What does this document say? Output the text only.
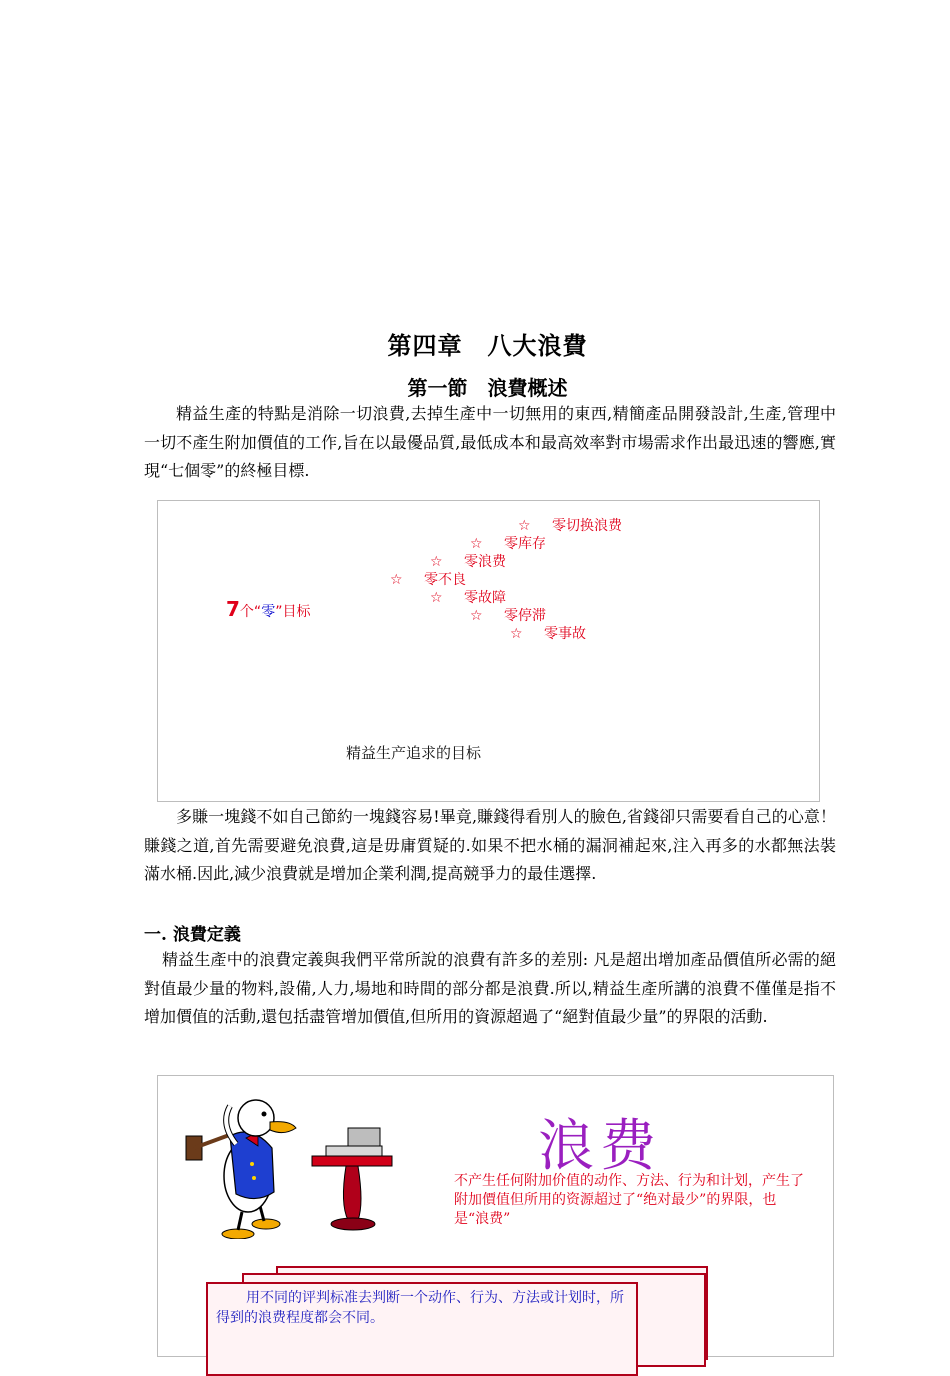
第四章　八大浪費
第一節　浪費概述
精益生產的特點是消除一切浪費,去掉生產中一切無用的東西,精簡產品開發設計,生產,管理中一切不產生附加價值的工作,旨在以最優品質,最低成本和最高效率對市場需求作出最迅速的響應,實現“七個零”的終極目標.
7个“零”目标
☆ 零切换浪费
☆ 零库存
☆ 零浪费
☆ 零不良
☆ 零故障
☆ 零停滞
☆ 零事故
精益生产追求的目标
多賺一塊錢不如自己節約一塊錢容易!畢竟,賺錢得看別人的臉色,省錢卻只需要看自己的心意！賺錢之道,首先需要避免浪費,這是毋庸質疑的.如果不把水桶的漏洞補起來,注入再多的水都無法裝滿水桶.因此,減少浪費就是增加企業利潤,提高競爭力的最佳選擇.
一. 浪費定義
精益生產中的浪費定義與我們平常所說的浪費有許多的差別: 凡是超出增加產品價值所必需的絕對值最少量的物料,設備,人力,場地和時間的部分都是浪費.所以,精益生產所講的浪費不僅僅是指不增加價值的活動,還包括盡管增加價值,但所用的資源超過了“絕對值最少量”的界限的活動.
浪费
不产生任何附加价值的动作、方法、行为和计划，产生了附加價值但所用的资源超过了“绝对最少”的界限，也是“浪费”
用不同的评判标准去判断一个动作、行为、方法或计划时，所得到的浪费程度都会不同。
